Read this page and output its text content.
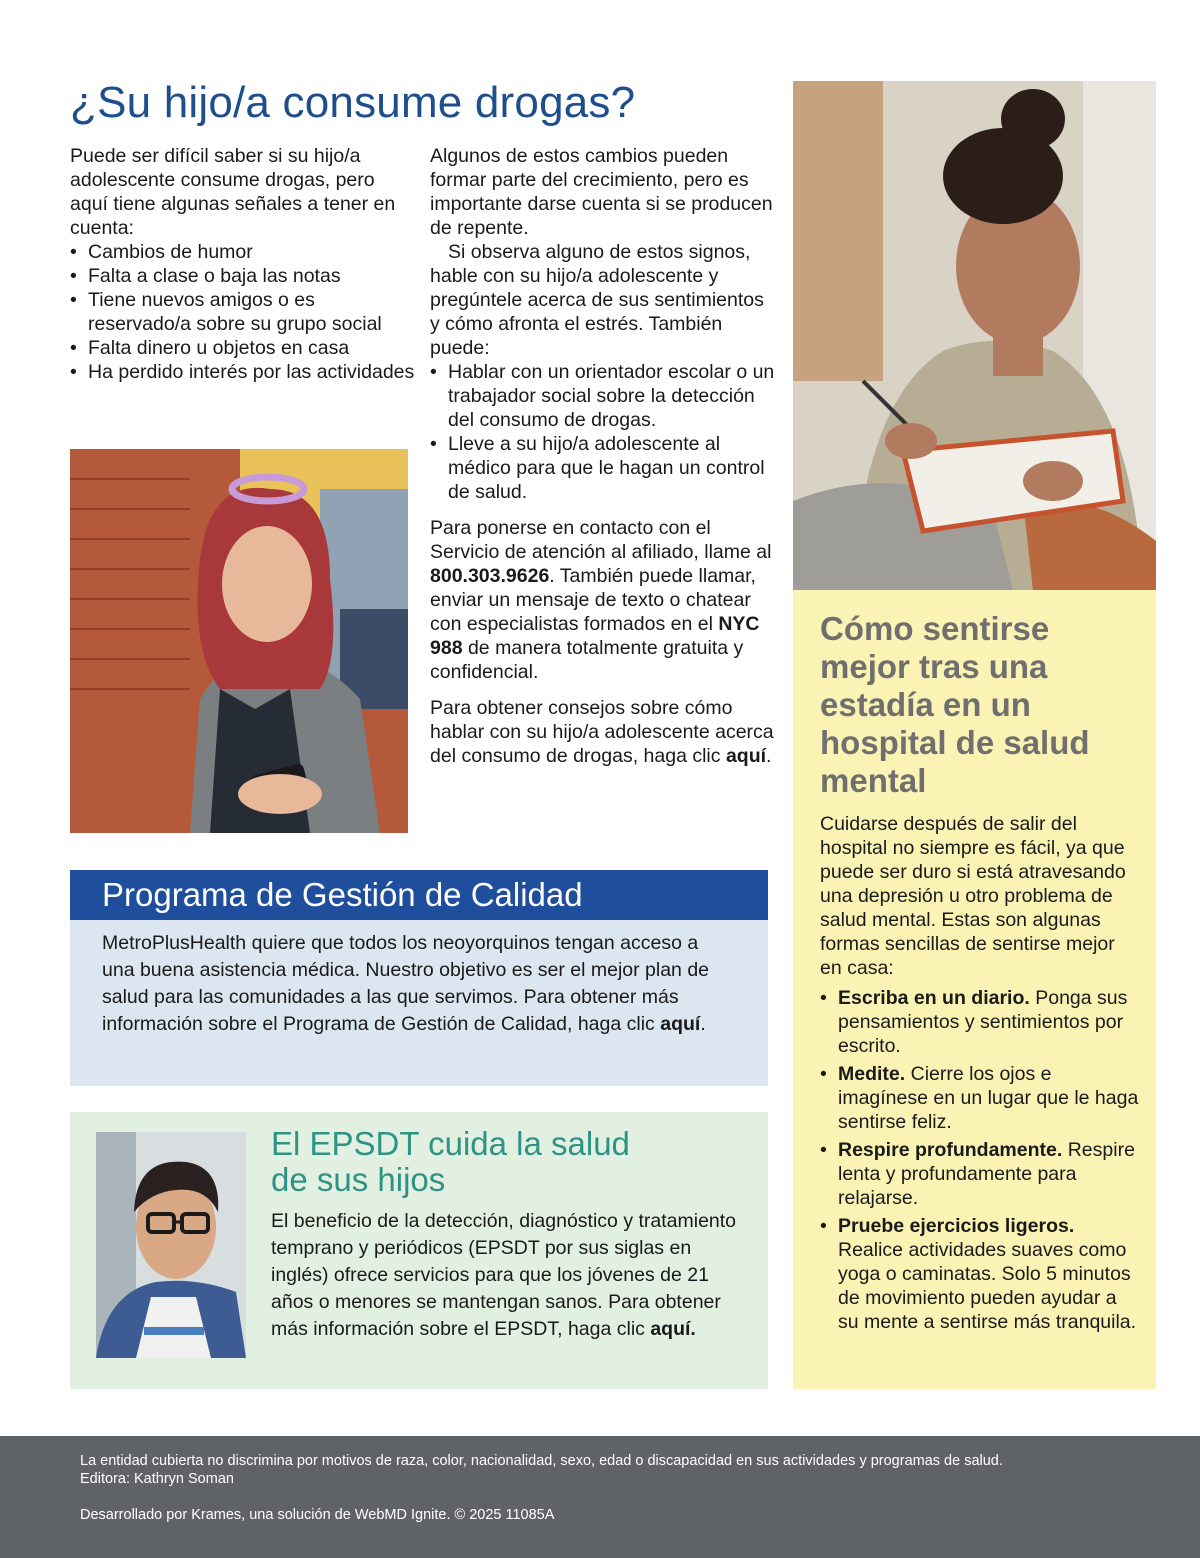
¿Su hijo/a consume drogas?

Puede ser difícil saber si su hijo/a adolescente consume drogas, pero aquí tiene algunas señales a tener en cuenta:

• Cambios de humor
• Falta a clase o baja las notas
• Tiene nuevos amigos o es reservado/a sobre su grupo social
• Falta dinero u objetos en casa
• Ha perdido interés por las actividades

Algunos de estos cambios pueden formar parte del crecimiento, pero es importante darse cuenta si se producen de repente.

Si observa alguno de estos signos, hable con su hijo/a adolescente y pregúntele acerca de sus sentimientos y cómo afronta el estrés. También puede:

• Hablar con un orientador escolar o un trabajador social sobre la detección del consumo de drogas.
• Lleve a su hijo/a adolescente al médico para que le hagan un control de salud.

Para ponerse en contacto con el Servicio de atención al afiliado, llame al 800.303.9626. También puede llamar, enviar un mensaje de texto o chatear con especialistas formados en el NYC 988 de manera totalmente gratuita y confidencial.

Para obtener consejos sobre cómo hablar con su hijo/a adolescente acerca del consumo de drogas, haga clic aquí.

Cómo sentirse mejor tras una estadía en un hospital de salud mental

Cuidarse después de salir del hospital no siempre es fácil, ya que puede ser duro si está atravesando una depresión u otro problema de salud mental. Estas son algunas formas sencillas de sentirse mejor en casa:

• Escriba en un diario. Ponga sus pensamientos y sentimientos por escrito.
• Medite. Cierre los ojos e imagínese en un lugar que le haga sentirse feliz.
• Respire profundamente. Respire lenta y profundamente para relajarse.
• Pruebe ejercicios ligeros. Realice actividades suaves como yoga o caminatas. Solo 5 minutos de movimiento pueden ayudar a su mente a sentirse más tranquila.
Programa de Gestión de Calidad

MetroPlusHealth quiere que todos los neoyorquinos tengan acceso a una buena asistencia médica. Nuestro objetivo es ser el mejor plan de salud para las comunidades a las que servimos. Para obtener más información sobre el Programa de Gestión de Calidad, haga clic aquí.

El EPSDT cuida la salud
de sus hijos

El beneficio de la detección, diagnóstico y tratamiento temprano y periódicos (EPSDT por sus siglas en inglés) ofrece servicios para que los jóvenes de 21 años o menores se mantengan sanos. Para obtener más información sobre el EPSDT, haga clic aquí.

La entidad cubierta no discrimina por motivos de raza, color, nacionalidad, sexo, edad o discapacidad en sus actividades y programas de salud.

Editora: Kathryn Soman

Desarrollado por Krames, una solución de WebMD Ignite. © 2025 11085A
